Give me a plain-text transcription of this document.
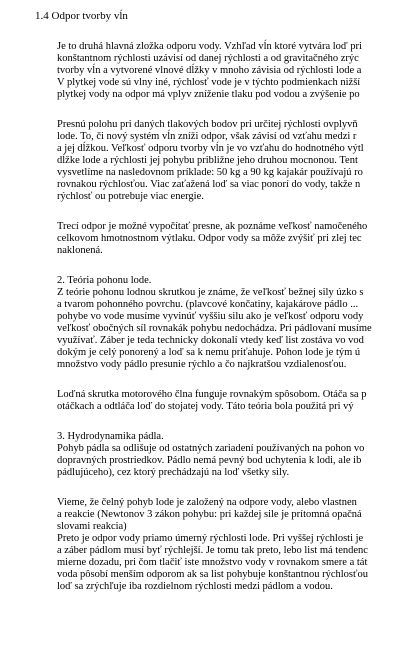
1.4 Odpor tvorby vĺn
Je to druhá hlavná zložka odporu vody. Vzhľad vĺn ktoré vytvára loď pri
konštantnom rýchlosti uzávisí od danej rýchlosti a od gravitačného zrýc
tvorby vĺn a vytvorené vlnové dĺžky v mnoho závisia od rýchlosti lode a
V plytkej vode sú vlny iné, rýchlosť vode je v týchto podmienkach nižší
plytkej vody na odpor má vplyv zníženie tlaku pod vodou a zvýšenie po
Presnú polohu pri daných tlakových bodov pri určitej rýchlosti ovplyvň
lode. To, či nový systém vĺn zníži odpor, však závisí od vzťahu medzi r
a jej dĺžkou. Veľkosť odporu tvorby vĺn je vo vzťahu do hodnotného výtl
dĺžke lode a rýchlosti jej pohybu približne jeho druhou mocnonou. Tent
vysvetlíme na nasledovnom príklade: 50 kg a 90 kg kajakár používajú ro
rovnakou rýchlosťou. Viac zaťažená loď sa viac ponorí do vody, takže n
rýchlosť ou potrebuje viac energie.
Trecí odpor je možné vypočítať presne, ak poznáme veľkosť namočeného
celkovom hmotnostnom výtlaku. Odpor vody sa môže zvýšiť pri zlej tec
naklonená.
2. Teória pohonu lode.
Z teórie pohonu lodnou skrutkou je známe, že veľkosť bežnej sily úzko s
a tvarom pohonného povrchu. (plavcové končatiny, kajakárove pádlo ...
pohybe vo vode musíme vyvinúť vyššiu silu ako je veľkosť odporu vody
veľkosť obočných síl rovnakák pohybu nedochádza. Pri pádlovaní musíme
využívať. Záber je teda technicky dokonalí vtedy keď list zostáva vo vod
dokým je celý ponorený a loď sa k nemu priťahuje. Pohon lode je tým ú
množstvo vody pádlo presunie rýchlo a čo najkratšou vzdialenosťou.
Loďná skrutka motorového člna funguje rovnakým spôsobom. Otáča sa p
otáčkach a odtláča loď do stojatej vody. Táto teória bola použitá pri vý
3. Hydrodynamika pádla.
Pohyb pádla sa odlišuje od ostatných zariadení používaných na pohon vo
dopravných prostriedkov. Pádlo nemá pevný bod uchytenia k lodi, ale ib
pádlujúceho), cez ktorý prechádzajú na loď všetky sily.
Vieme, že čelný pohyb lode je založený na odpore vody, alebo vlastnen
a reakcie (Newtonov 3 zákon pohybu: pri každej sile je prítomná opačná
slovami reakcia)
Preto je odpor vody priamo úmerný rýchlosti lode. Pri vyššej rýchlosti je
a záber pádlom musí byť rýchlejší. Je tomu tak preto, lebo list má tendenc
mierne dozadu, pri čom tlačiť iste množstvo vody v rovnakom smere a tát
voda pôsobí menším odporom ak sa list pohybuje konštantnou rýchlosťou
loď sa zrýchľuje iba rozdielnom rýchlosti medzi pádlom a vodou.
